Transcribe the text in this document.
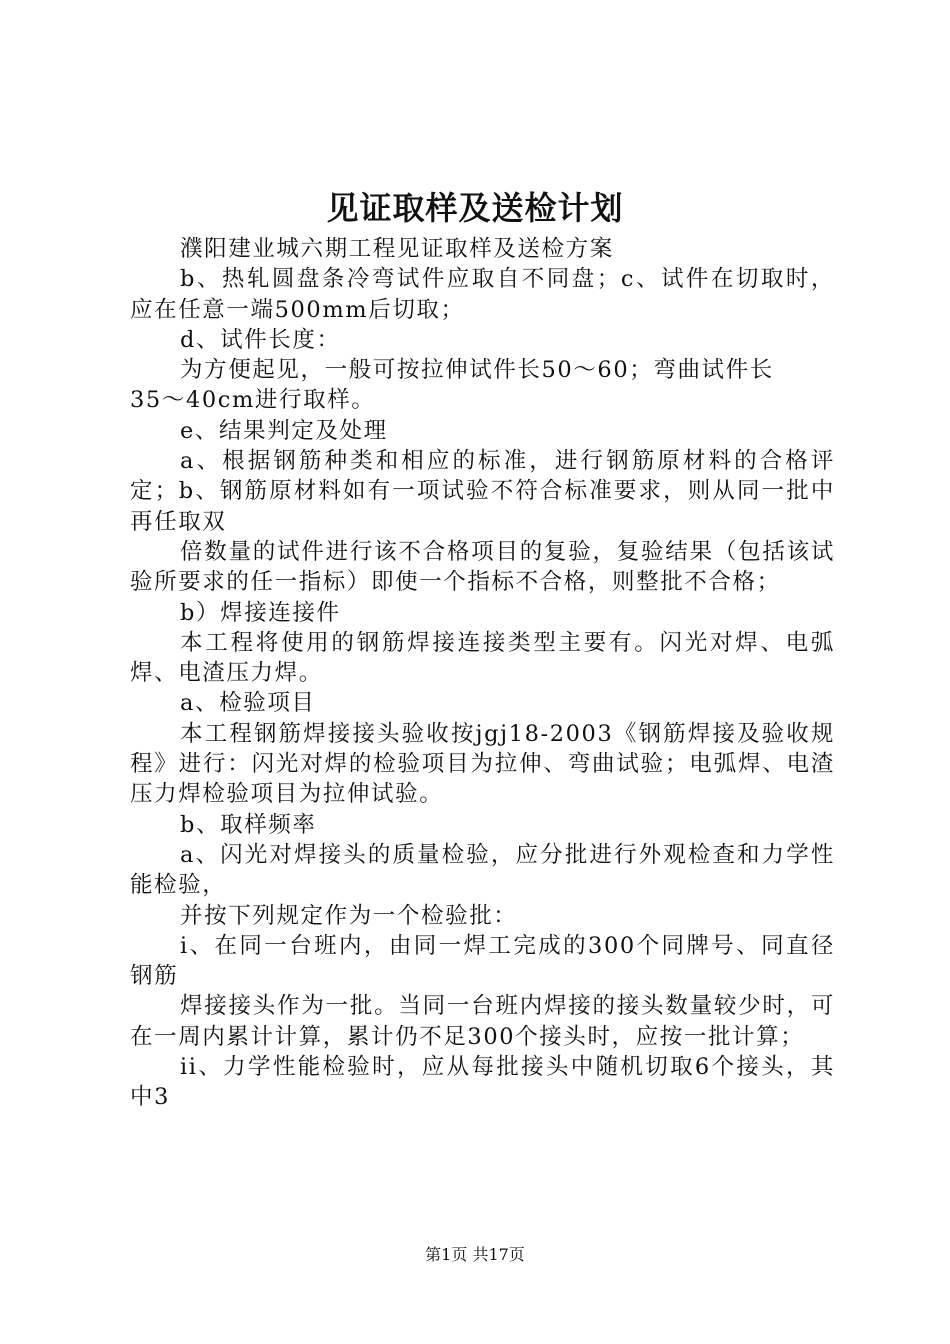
见证取样及送检计划

濮阳建业城六期工程见证取样及送检方案

b、热轧圆盘条冷弯试件应取自不同盘；c、试件在切取时，应在任意一端500mm后切取；

d、试件长度：

为方便起见，一般可按拉伸试件长50～60；弯曲试件长

35～40cm进行取样。

e、结果判定及处理

a、根据钢筋种类和相应的标准，进行钢筋原材料的合格评定；b、钢筋原材料如有一项试验不符合标准要求，则从同一批中再任取双

倍数量的试件进行该不合格项目的复验，复验结果（包括该试验所要求的任一指标）即使一个指标不合格，则整批不合格；

b）焊接连接件

本工程将使用的钢筋焊接连接类型主要有。闪光对焊、电弧焊、电渣压力焊。

a、检验项目

本工程钢筋焊接接头验收按jgj18-2003《钢筋焊接及验收规程》进行：闪光对焊的检验项目为拉伸、弯曲试验；电弧焊、电渣压力焊检验项目为拉伸试验。

b、取样频率

a、闪光对焊接头的质量检验，应分批进行外观检查和力学性能检验，

并按下列规定作为一个检验批：

i、在同一台班内，由同一焊工完成的300个同牌号、同直径钢筋

焊接接头作为一批。当同一台班内焊接的接头数量较少时，可在一周内累计计算，累计仍不足300个接头时，应按一批计算；

ii、力学性能检验时，应从每批接头中随机切取6个接头，其中3

第1页 共17页
